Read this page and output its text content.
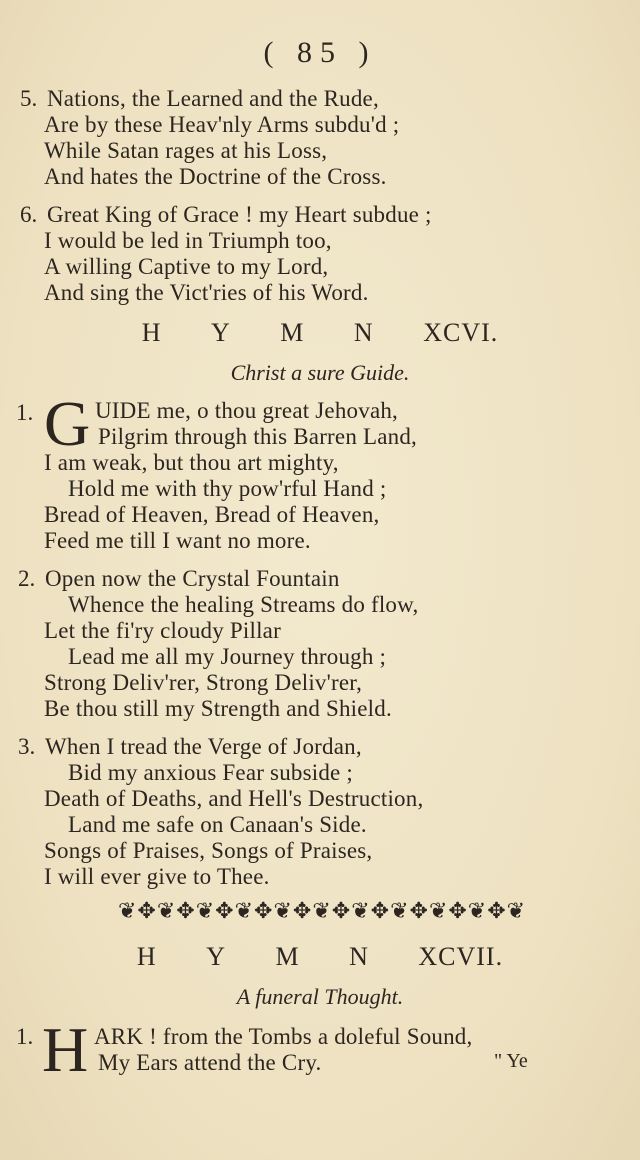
( 85 )
5. Nations, the Learned and the Rude,
Are by these Heav'nly Arms subdu'd ;
While Satan rages at his Loss,
And hates the Doctrine of the Cross.
6. Great King of Grace ! my Heart subdue ;
I would be led in Triumph too,
A willing Captive to my Lord,
And sing the Vict'ries of his Word.
H Y M N XCVI.
Christ a sure Guide.
1. G UIDE me, o thou great Jehovah,
Pilgrim through this Barren Land,
I am weak, but thou art mighty,
Hold me with thy pow'rful Hand ;
Bread of Heaven, Bread of Heaven,
Feed me till I want no more.
2. Open now the Crystal Fountain
Whence the healing Streams do flow,
Let the fi'ry cloudy Pillar
Lead me all my Journey through ;
Strong Deliv'rer, Strong Deliv'rer,
Be thou still my Strength and Shield.
3. When I tread the Verge of Jordan,
Bid my anxious Fear subside ;
Death of Deaths, and Hell's Destruction,
Land me safe on Canaan's Side.
Songs of Praises, Songs of Praises,
I will ever give to Thee.
❦✥❦✥❦✥❦✥❦✥❦✥❦✥❦✥❦✥❦✥❦
H Y M N XCVII.
A funeral Thought.
1. H ARK ! from the Tombs a doleful Sound,
My Ears attend the Cry.	" Ye
